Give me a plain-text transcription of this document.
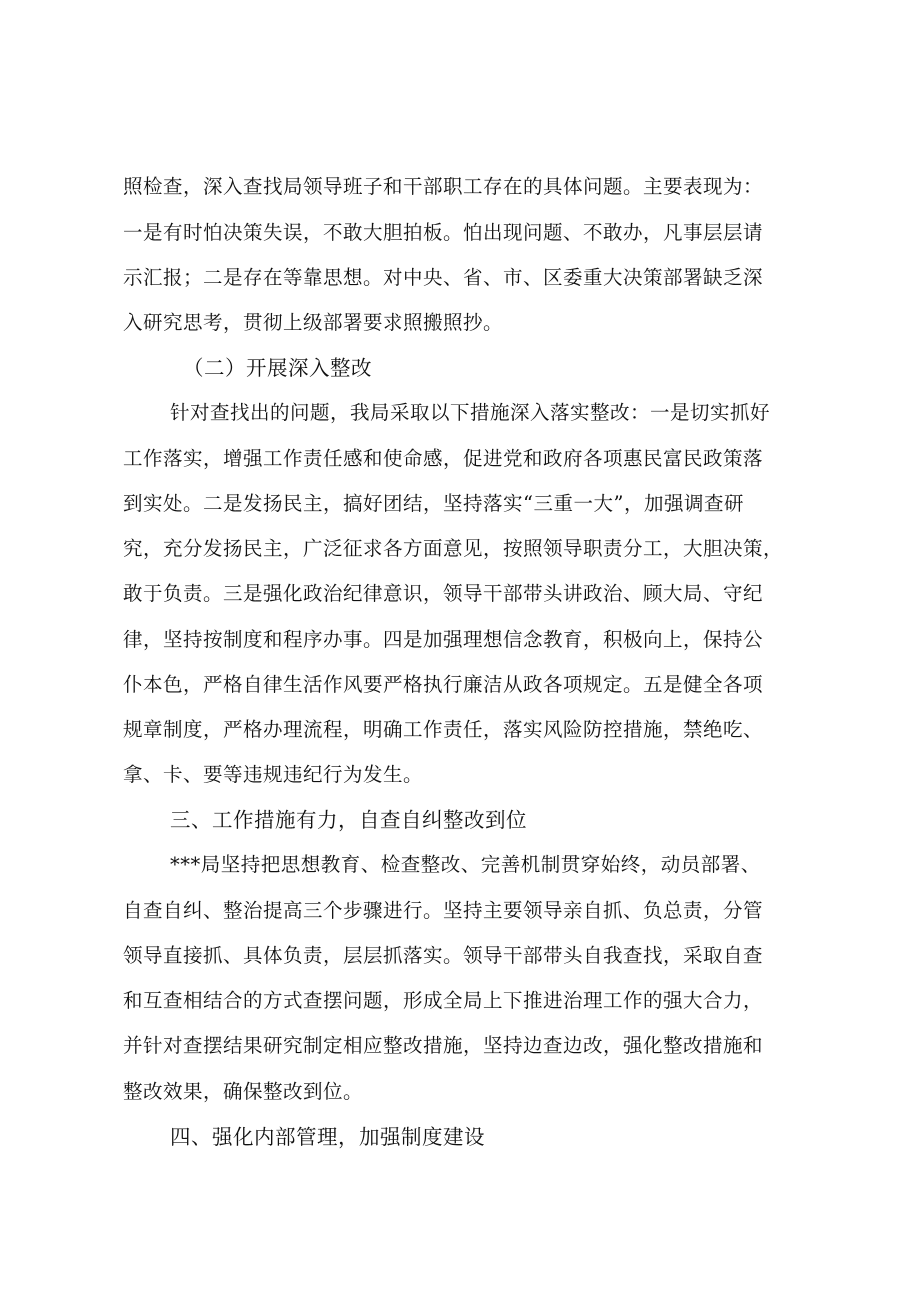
照检查，深入查找局领导班子和干部职工存在的具体问题。主要表现为：
一是有时怕决策失误，不敢大胆拍板。怕出现问题、不敢办，凡事层层请
示汇报；二是存在等靠思想。对中央、省、市、区委重大决策部署缺乏深
入研究思考，贯彻上级部署要求照搬照抄。
（二）开展深入整改
针对查找出的问题，我局采取以下措施深入落实整改：一是切实抓好
工作落实，增强工作责任感和使命感，促进党和政府各项惠民富民政策落
到实处。二是发扬民主，搞好团结，坚持落实“三重一大”，加强调查研
究，充分发扬民主，广泛征求各方面意见，按照领导职责分工，大胆决策，
敢于负责。三是强化政治纪律意识，领导干部带头讲政治、顾大局、守纪
律，坚持按制度和程序办事。四是加强理想信念教育，积极向上，保持公
仆本色，严格自律生活作风要严格执行廉洁从政各项规定。五是健全各项
规章制度，严格办理流程，明确工作责任，落实风险防控措施，禁绝吃、
拿、卡、要等违规违纪行为发生。
三、工作措施有力，自查自纠整改到位
***局坚持把思想教育、检查整改、完善机制贯穿始终，动员部署、
自查自纠、整治提高三个步骤进行。坚持主要领导亲自抓、负总责，分管
领导直接抓、具体负责，层层抓落实。领导干部带头自我查找，采取自查
和互查相结合的方式查摆问题，形成全局上下推进治理工作的强大合力，
并针对查摆结果研究制定相应整改措施，坚持边查边改，强化整改措施和
整改效果，确保整改到位。
四、强化内部管理，加强制度建设
